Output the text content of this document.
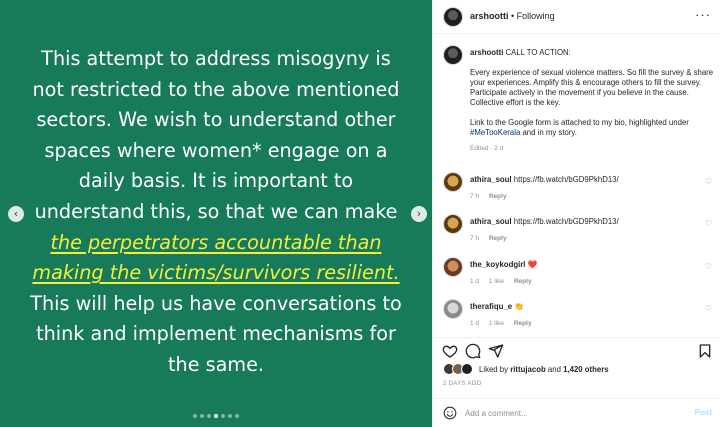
This attempt to address misogyny is
not restricted to the above mentioned
sectors. We wish to understand other
spaces where women* engage on a
daily basis. It is important to
understand this, so that we can make
the perpetrators accountable than
making the victims/survivors resilient.
This will help us have conversations to
think and implement mechanisms for
the same.
‹	›

arshootti • Following	···

arshootti CALL TO ACTION:

Every experience of sexual violence matters. So fill the survey & share your experiences. Amplify this & encourage others to fill the survey. Participate actively in the movement if you believe in the cause. Collective effort is the key.

Link to the Google form is attached to my bio, highlighted under #MeTooKerala and in my story.

Edited · 2 d
athira_soul https://fb.watch/bGD9PkhD13/
7 h Reply
♡
athira_soul https://fb.watch/bGD9PkhD13/
7 h Reply
♡
the_koykodgirl ❤️
1 d 1 like Reply
♡
therafiqu_e 👏
1 d 1 like Reply
♡
Liked by rittujacob and 1,420 others
2 DAYS AGO
Add a comment...
Post
